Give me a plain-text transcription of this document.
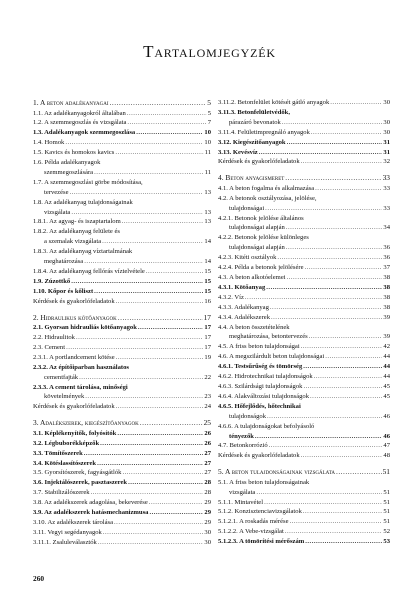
Tartalomjegyzék
1. A beton adalékanyagai .....	5
1.1. Az adalékanyagokról általában .....	5
1.2. A szemmegoszlás és vizsgálata .....	7
1.3. Adalékanyagok szemmegoszlása .....	10
1.4. Homok .....	10
1.5. Kavics és homokos kavics .....	11
1.6. Példa adalékanyagok
szemmegoszlására .....	11
1.7. A szemmegoszlási görbe módosítása,
tervezése .....	13
1.8. Az adalékanyag tulajdonságainak
vizsgálata .....	13
1.8.1. Az agyag- és iszaptartalom .....	13
1.8.2. Az adalékanyag felülete és
a szemalak vizsgálata .....	14
1.8.3. Az adalékanyag víztartalmának
meghatározása .....	14
1.8.4. Az adalékanyag fellórás víztelvétele .....	15
1.9. Zúzottkő .....	15
1.10. Kőpor és kőliszt .....	15
Kérdések és gyakorlófeladatok .....	16
2. Hidraulikus kötőanyagok .....	17
2.1. Gyorsan hidrauliás kötőanyagok .....	17
2.2. Hidraulitok .....	17
2.3. Cement .....	17
2.3.1. A portlandcement kötése .....	19
2.3.2. Az építőiparban használatos
cementfajták .....	22
2.3.3. A cement tárolása, minőségi
követelmények .....	23
Kérdések és gyakorlófeladatok .....	24
3. Adalékszerek, kiegészítőanyagok .....	25
3.1. Képlékenyítők, folyósítók .....	26
3.2. Légbuborékképzők .....	26
3.3. Tömítőszerek .....	27
3.4. Kötéslassítószerek .....	27
3.5. Gyorsítószerek, fagyásgátlók .....	27
3.6. Injektálószerek, pasztaszerek .....	28
3.7. Stabilizálószerek .....	28
3.8. Az adalékszerek adagolása, bekeverése .....	29
3.9. Az adalékszerek hatásmechanizmusa .....	29
3.10. Az adalékszerek tárolása .....	29
3.11. Vegyi segédanyagok .....	30
3.11.1. Zsaluleválasztók .....	30
3.11.2. Betonfelület kötését gátló anyagok .....	30
3.11.3. Betonfelületvédők,
párazáró bevonatok .....	30
3.11.4. Felületimpregnáló anyagok .....	30
3.12. Kiegészítőanyagok .....	31
3.13. Kevésvíz .....	31
Kérdések és gyakorlófeladatok .....	32
4. Beton anyagismeret .....	33
4.1. A beton fogalma és alkalmazása .....	33
4.2. A betonok osztályozása, jelölése,
tulajdonságai .....	33
4.2.1. Betonok jelölése általános
tulajdonságai alapján .....	34
4.2.2. Betonok jelölése különleges
tulajdonságai alapján .....	36
4.2.3. Kitéti osztályok .....	36
4.2.4. Példa a betonok jelölésére .....	37
4.3. A beton alkotóelemei .....	38
4.3.1. Kötőanyag .....	38
4.3.2. Víz .....	38
4.3.3. Adalékanyag .....	38
4.3.4. Adalékszerek .....	39
4.4. A beton összetételének
meghatározása, betontervezés .....	39
4.5. A friss beton tulajdonságai .....	42
4.6. A megszilárdult beton tulajdonságai .....	44
4.6.1. Testsűrűség és tömörség .....	44
4.6.2. Hidrotechnikai tulajdonságok .....	44
4.6.3. Szilárdsági tulajdonságok .....	45
4.6.4. Alakváltozási tulajdonságok .....	45
4.6.5. Hőfejlődés, hőtechnikai
tulajdonságok .....	46
4.6.6. A tulajdonságokat befolyásoló
tényezők .....	46
4.7. Betonkorrózió .....	47
Kérdések és gyakorlófeladatok .....	48
5. A beton tulajdonságainak vizsgálata .....	51
5.1. A friss beton tulajdonságainak
vizsgálata .....	51
5.1.1. Mintavétel .....	51
5.1.2. Konzisztenciavizsgálatok .....	51
5.1.2.1. A roskadás mérése .....	51
5.1.2.2. A Vebe-vizsgálat .....	52
5.1.2.3. A tömörítési mérőszám .....	53
260
